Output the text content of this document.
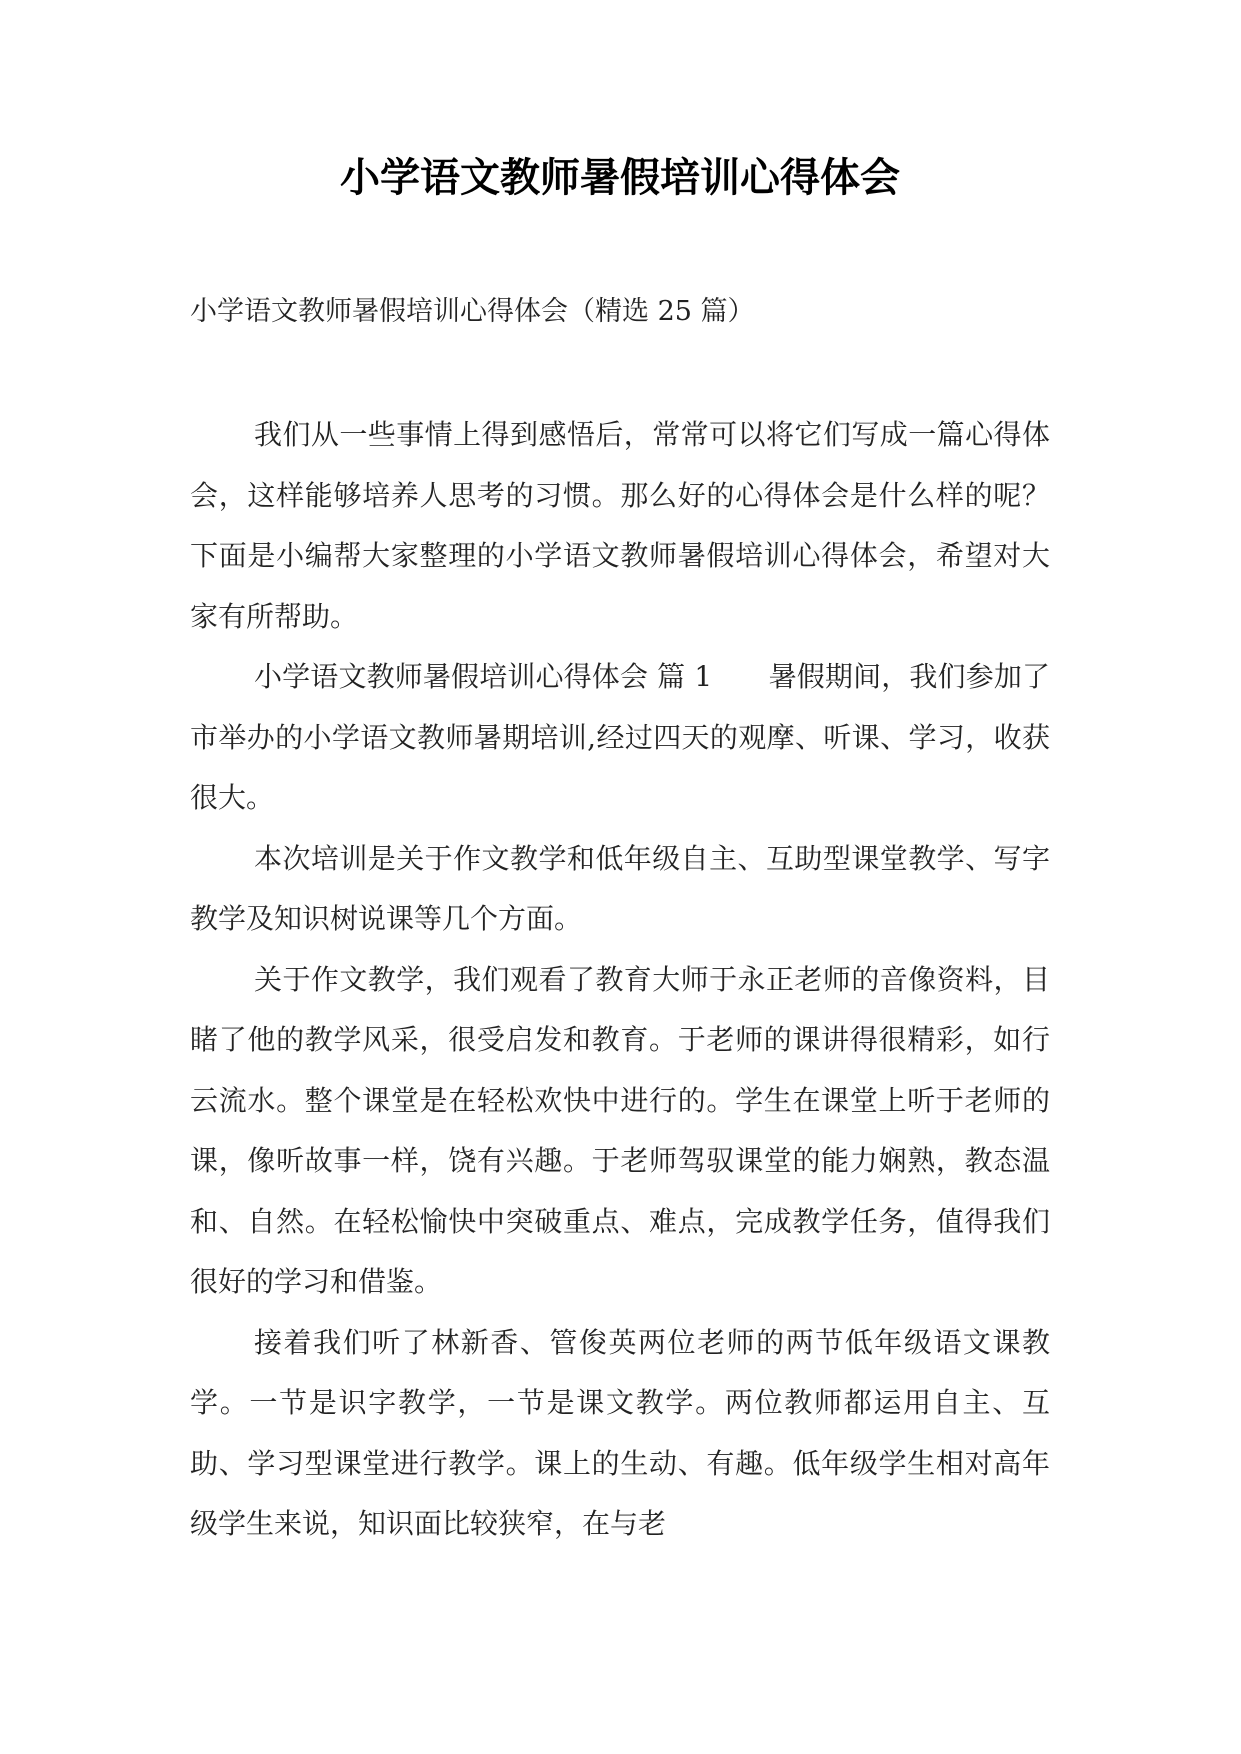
小学语文教师暑假培训心得体会
小学语文教师暑假培训心得体会（精选 25 篇）

我们从一些事情上得到感悟后，常常可以将它们写成一篇心得体会，这样能够培养人思考的习惯。那么好的心得体会是什么样的呢？下面是小编帮大家整理的小学语文教师暑假培训心得体会，希望对大家有所帮助。

小学语文教师暑假培训心得体会 篇 1　　暑假期间，我们参加了市举办的小学语文教师暑期培训,经过四天的观摩、听课、学习，收获很大。

本次培训是关于作文教学和低年级自主、互助型课堂教学、写字教学及知识树说课等几个方面。

关于作文教学，我们观看了教育大师于永正老师的音像资料，目睹了他的教学风采，很受启发和教育。于老师的课讲得很精彩，如行云流水。整个课堂是在轻松欢快中进行的。学生在课堂上听于老师的课，像听故事一样，饶有兴趣。于老师驾驭课堂的能力娴熟，教态温和、自然。在轻松愉快中突破重点、难点，完成教学任务，值得我们很好的学习和借鉴。

接着我们听了林新香、管俊英两位老师的两节低年级语文课教学。一节是识字教学，一节是课文教学。两位教师都运用自主、互助、学习型课堂进行教学。课上的生动、有趣。低年级学生相对高年级学生来说，知识面比较狭窄，在与老
